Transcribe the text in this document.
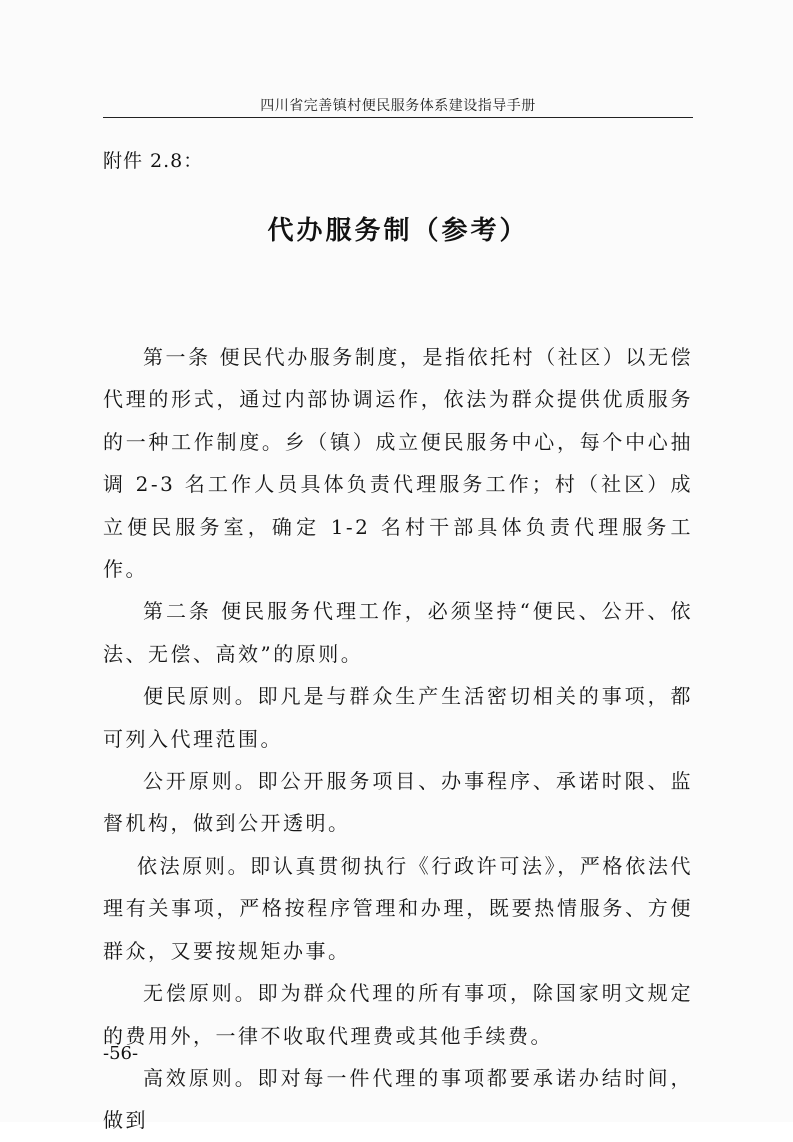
四川省完善镇村便民服务体系建设指导手册
附件 2.8：
代办服务制（参考）

第一条 便民代办服务制度，是指依托村（社区）以无偿代理的形式，通过内部协调运作，依法为群众提供优质服务的一种工作制度。乡（镇）成立便民服务中心，每个中心抽调 2-3 名工作人员具体负责代理服务工作；村（社区）成立便民服务室，确定 1-2 名村干部具体负责代理服务工作。

第二条 便民服务代理工作，必须坚持“便民、公开、依法、无偿、高效”的原则。

便民原则。即凡是与群众生产生活密切相关的事项，都可列入代理范围。

公开原则。即公开服务项目、办事程序、承诺时限、监督机构，做到公开透明。

依法原则。即认真贯彻执行《行政许可法》，严格依法代理有关事项，严格按程序管理和办理，既要热情服务、方便群众，又要按规矩办事。

无偿原则。即为群众代理的所有事项，除国家明文规定的费用外，一律不收取代理费或其他手续费。

高效原则。即对每一件代理的事项都要承诺办结时间，做到

-56-
